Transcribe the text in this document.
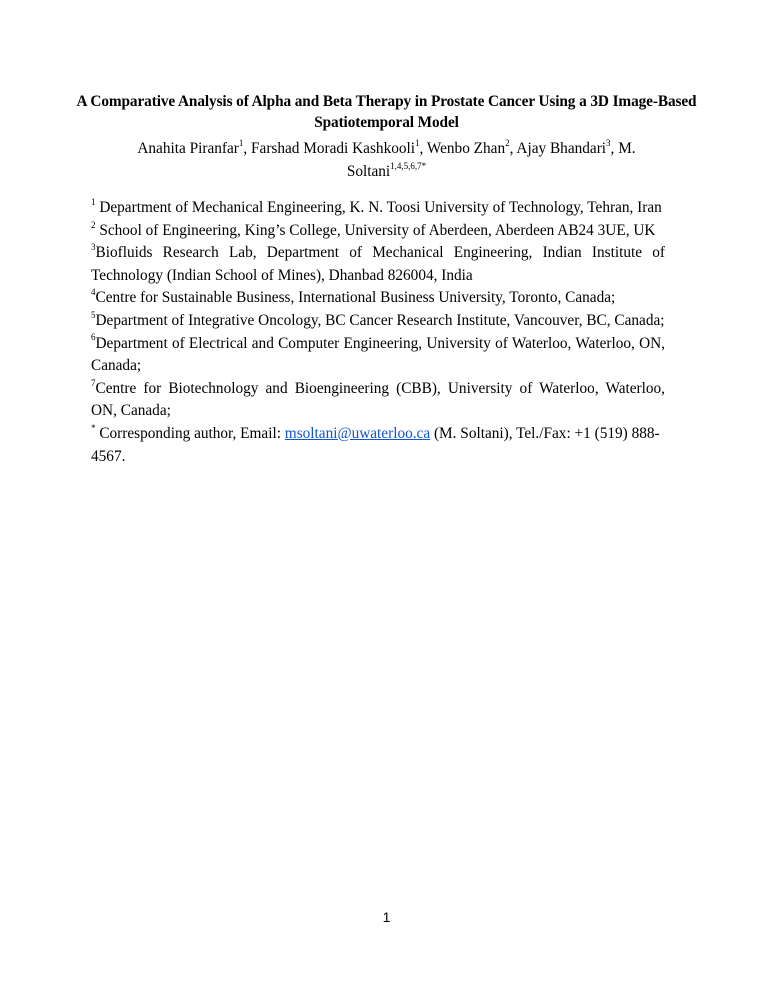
A Comparative Analysis of Alpha and Beta Therapy in Prostate Cancer Using a 3D Image-Based Spatiotemporal Model
Anahita Piranfar$^1$, Farshad Moradi Kashkooli$^1$, Wenbo Zhan$^2$, Ajay Bhandari$^3$, M. Soltani$^{1,4,5,6,7*}$

$^1$ Department of Mechanical Engineering, K. N. Toosi University of Technology, Tehran, Iran

$^2$ School of Engineering, King’s College, University of Aberdeen, Aberdeen AB24 3UE, UK

$^3$Biofluids Research Lab, Department of Mechanical Engineering, Indian Institute of Technology (Indian School of Mines), Dhanbad 826004, India

$^4$Centre for Sustainable Business, International Business University, Toronto, Canada;

$^5$Department of Integrative Oncology, BC Cancer Research Institute, Vancouver, BC, Canada;

$^6$Department of Electrical and Computer Engineering, University of Waterloo, Waterloo, ON, Canada;

$^7$Centre for Biotechnology and Bioengineering (CBB), University of Waterloo, Waterloo, ON, Canada;

* Corresponding author, Email: msoltani@uwaterloo.ca (M. Soltani), Tel./Fax: +1 (519) 888-4567.

1
